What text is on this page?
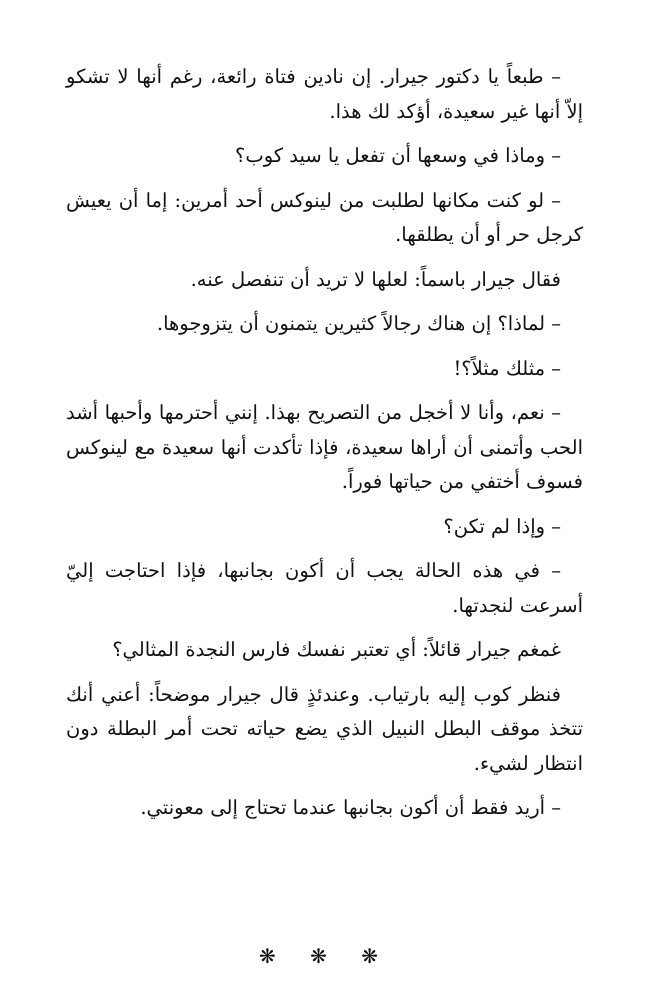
– طبعاً يا دكتور جيرار. إن نادين فتاة رائعة، رغم أنها لا تشكو إلاّ أنها غير سعيدة، أؤكد لك هذا.

– وماذا في وسعها أن تفعل يا سيد كوب؟

– لو كنت مكانها لطلبت من لينوكس أحد أمرين: إما أن يعيش كرجل حر أو أن يطلقها.

فقال جيرار باسماً: لعلها لا تريد أن تنفصل عنه.

– لماذا؟ إن هناك رجالاً كثيرين يتمنون أن يتزوجوها.

– مثلك مثلاً؟!

– نعم، وأنا لا أخجل من التصريح بهذا. إنني أحترمها وأحبها أشد الحب وأتمنى أن أراها سعيدة، فإذا تأكدت أنها سعيدة مع لينوكس فسوف أختفي من حياتها فوراً.

– وإذا لم تكن؟

– في هذه الحالة يجب أن أكون بجانبها، فإذا احتاجت إليّ أسرعت لنجدتها.

غمغم جيرار قائلاً: أي تعتبر نفسك فارس النجدة المثالي؟

فنظر كوب إليه بارتياب. وعندئذٍ قال جيرار موضحاً: أعني أنك تتخذ موقف البطل النبيل الذي يضع حياته تحت أمر البطلة دون انتظار لشيء.

– أريد فقط أن أكون بجانبها عندما تحتاج إلى معونتي.

❋ ❋ ❋
